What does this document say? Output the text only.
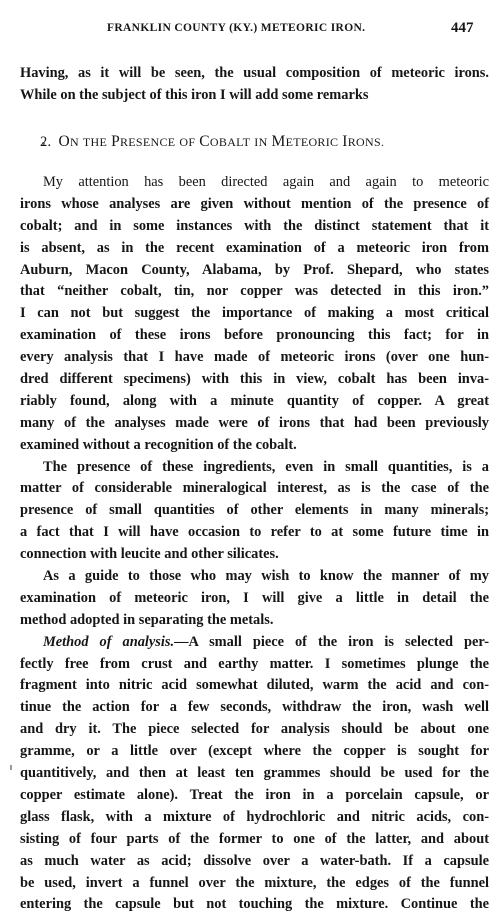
FRANKLIN COUNTY (KY.) METEORIC IRON.	447
Having, as it will be seen, the usual composition of meteoric irons.
While on the subject of this iron I will add some remarks
2. ON THE PRESENCE OF COBALT IN METEORIC IRONS.
My attention has been directed again and again to meteoric
irons whose analyses are given without mention of the presence of
cobalt; and in some instances with the distinct statement that it
is absent, as in the recent examination of a meteoric iron from
Auburn, Macon County, Alabama, by Prof. Shepard, who states
that “neither cobalt, tin, nor copper was detected in this iron.”
I can not but suggest the importance of making a most critical
examination of these irons before pronouncing this fact; for in
every analysis that I have made of meteoric irons (over one hun-
dred different specimens) with this in view, cobalt has been inva-
riably found, along with a minute quantity of copper. A great
many of the analyses made were of irons that had been previously
examined without a recognition of the cobalt.
The presence of these ingredients, even in small quantities, is a
matter of considerable mineralogical interest, as is the case of the
presence of small quantities of other elements in many minerals;
a fact that I will have occasion to refer to at some future time in
connection with leucite and other silicates.
As a guide to those who may wish to know the manner of my
examination of meteoric iron, I will give a little in detail the
method adopted in separating the metals.
Method of analysis.—A small piece of the iron is selected per-
fectly free from crust and earthy matter. I sometimes plunge the
fragment into nitric acid somewhat diluted, warm the acid and con-
tinue the action for a few seconds, withdraw the iron, wash well
and dry it. The piece selected for analysis should be about one
gramme, or a little over (except where the copper is sought for
quantitively, and then at least ten grammes should be used for the
copper estimate alone). Treat the iron in a porcelain capsule, or
glass flask, with a mixture of hydrochloric and nitric acids, con-
sisting of four parts of the former to one of the latter, and about
as much water as acid; dissolve over a water-bath. If a capsule
be used, invert a funnel over the mixture, the edges of the funnel
entering the capsule but not touching the mixture. Continue the
